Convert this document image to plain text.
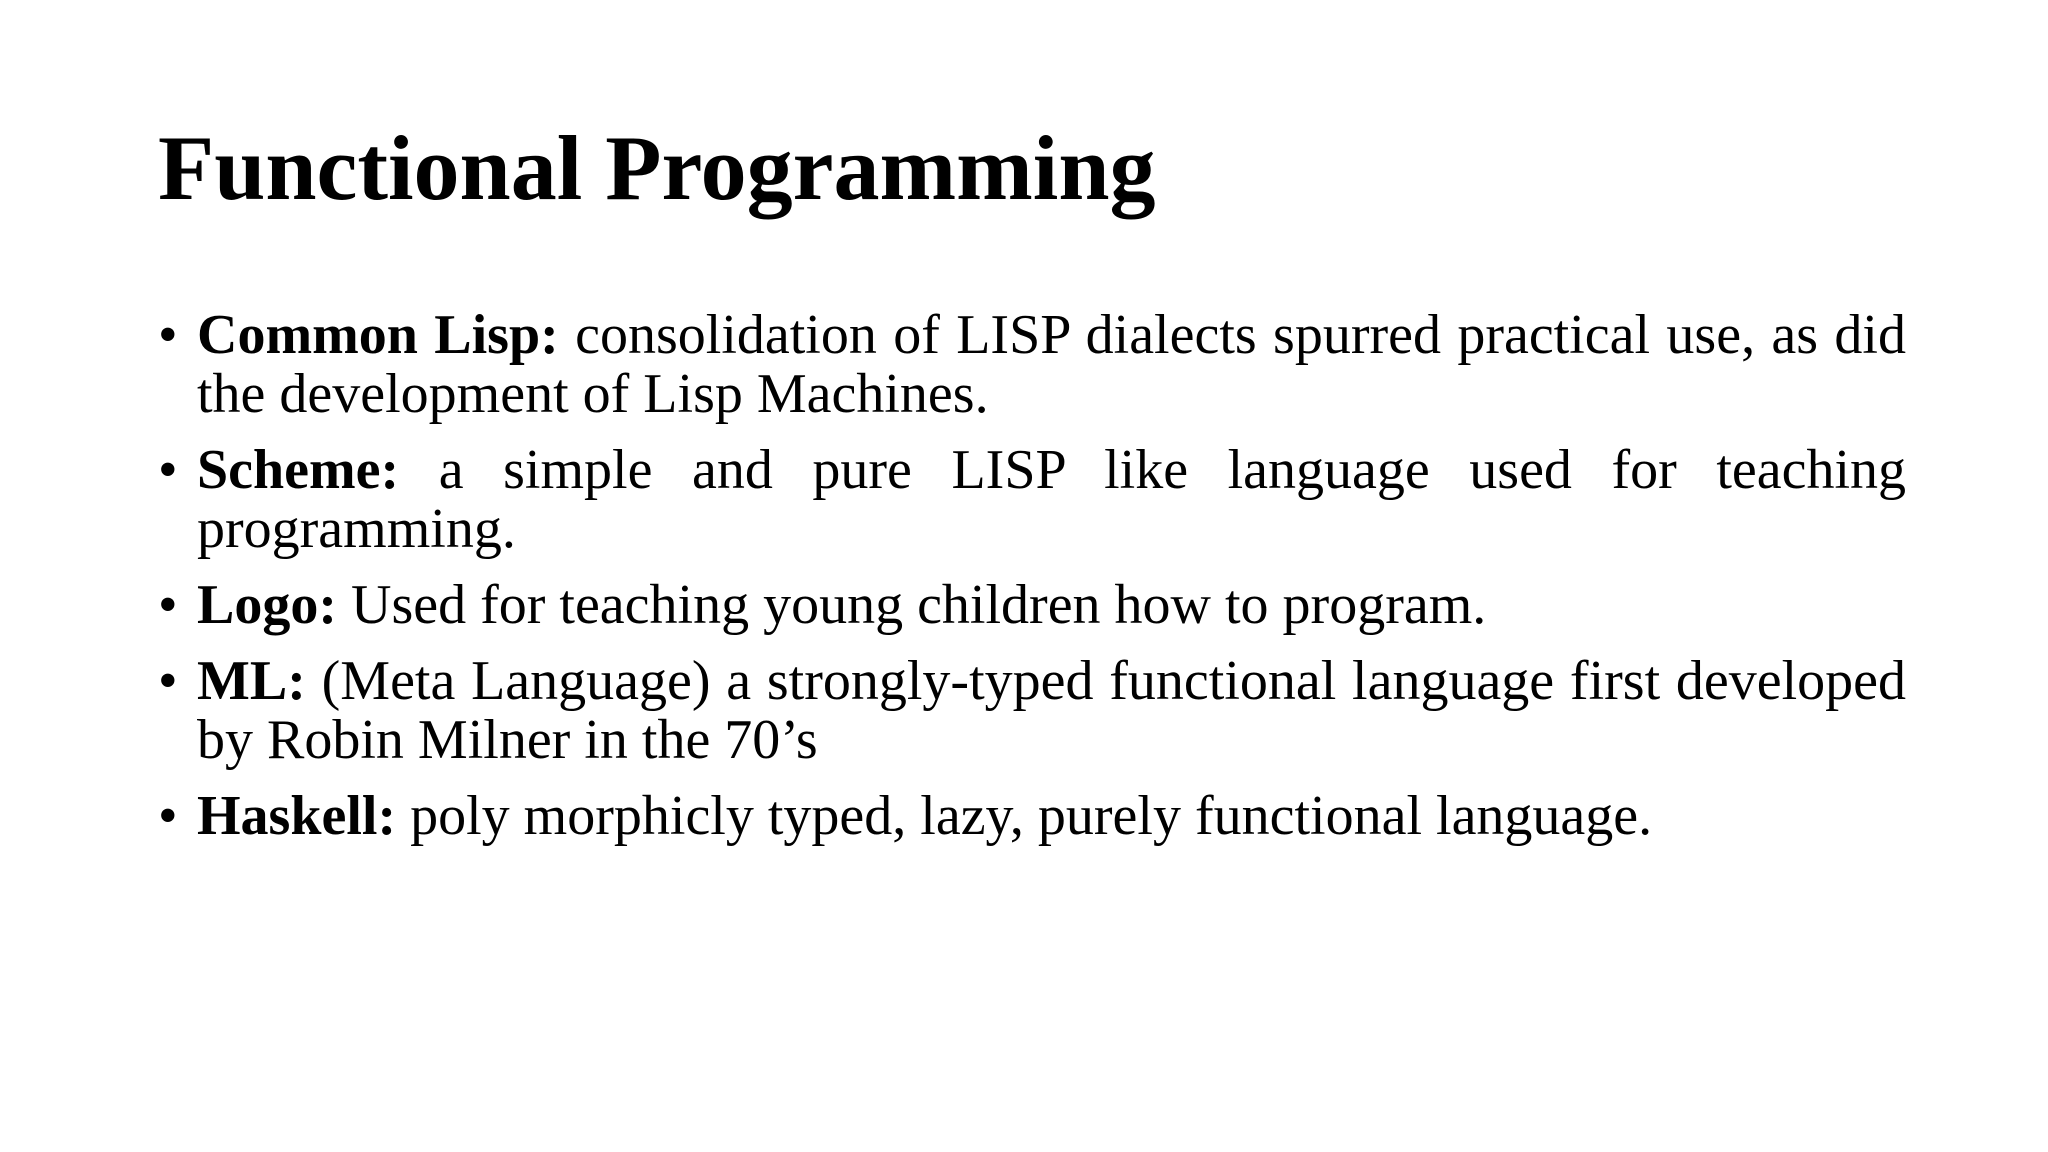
Functional Programming
• Common Lisp: consolidation of LISP dialects spurred practical use, as did the development of Lisp Machines.
• Scheme: a simple and pure LISP like language used for teaching programming.
• Logo: Used for teaching young children how to program.
• ML: (Meta Language) a strongly-typed functional language first developed by Robin Milner in the 70’s
• Haskell: poly morphicly typed, lazy, purely functional language.
